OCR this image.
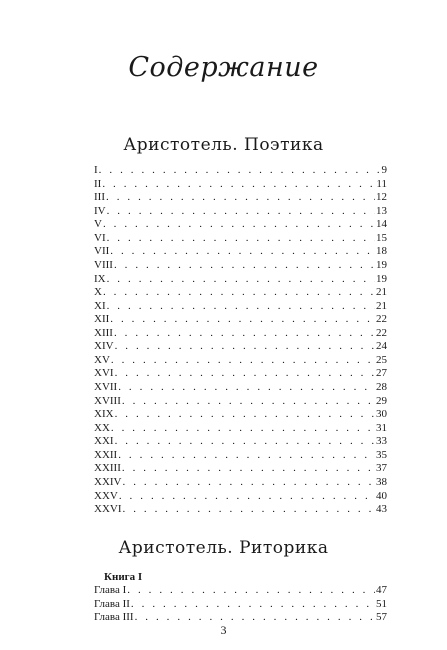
Содержание
Аристотель. Поэтика
I . . .	9
II . . .	11
III . . .	12
IV . . .	13
V . . .	14
VI . . .	15
VII . . .	18
VIII . . .	19
IX . . .	19
X . . .	21
XI . . .	21
XII . . .	22
XIII . . .	22
XIV . . .	24
XV . . .	25
XVI . . .	27
XVII . . .	28
XVIII . . .	29
XIX . . .	30
XX . . .	31
XXI . . .	33
XXII . . .	35
XXIII . . .	37
XXIV . . .	38
XXV . . .	40
XXVI . . .	43
Аристотель. Риторика
Книга I
Глава I . . .	47
Глава II . . .	51
Глава III . . .	57
3
